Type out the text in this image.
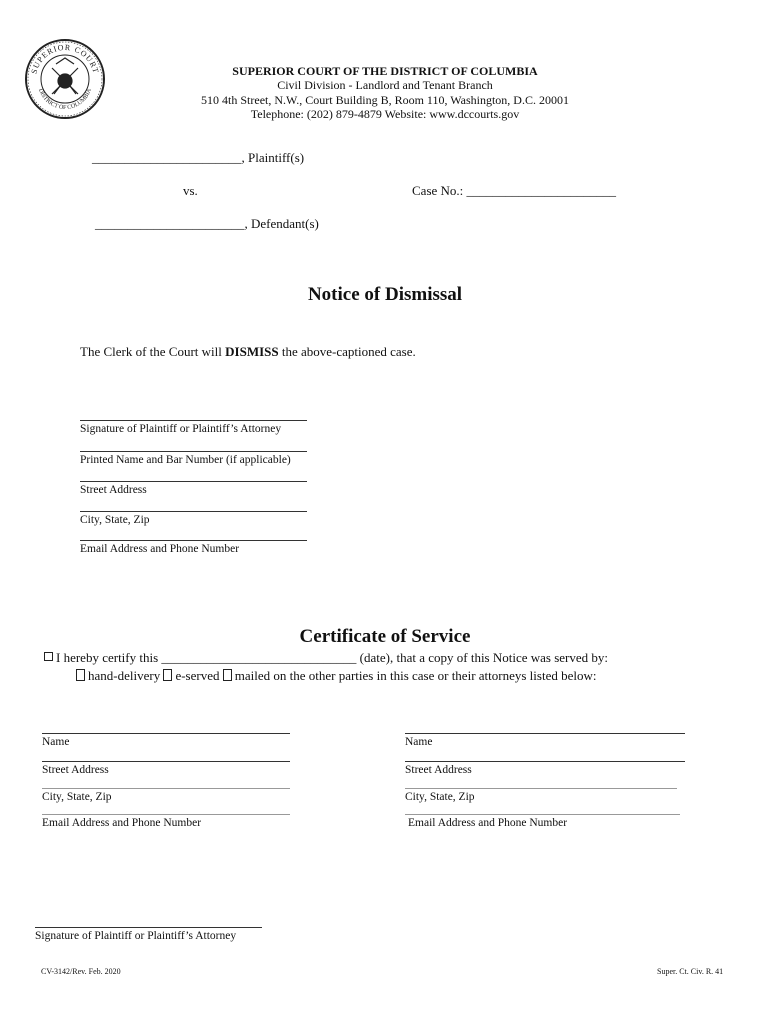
SUPERIOR COURT
DISTRICT OF COLUMBIA
SUPERIOR COURT OF THE DISTRICT OF COLUMBIA
Civil Division - Landlord and Tenant Branch
510 4th Street, N.W., Court Building B, Room 110, Washington, D.C. 20001
Telephone: (202) 879-4879 Website: www.dccourts.gov
_______________________, Plaintiff(s)
vs.	Case No.: _______________________
_______________________, Defendant(s)
Notice of Dismissal
The Clerk of the Court will DISMISS the above-captioned case.
Signature of Plaintiff or Plaintiff’s Attorney
Printed Name and Bar Number (if applicable)
Street Address
City, State, Zip
Email Address and Phone Number
Certificate of Service
I hereby certify this ______________________________ (date), that a copy of this Notice was served by:
hand-delivery e-served mailed on the other parties in this case or their attorneys listed below:
Name
Street Address
City, State, Zip
Email Address and Phone Number
Name
Street Address
City, State, Zip
Email Address and Phone Number
Signature of Plaintiff or Plaintiff’s Attorney
CV-3142/Rev. Feb. 2020	Super. Ct. Civ. R. 41
